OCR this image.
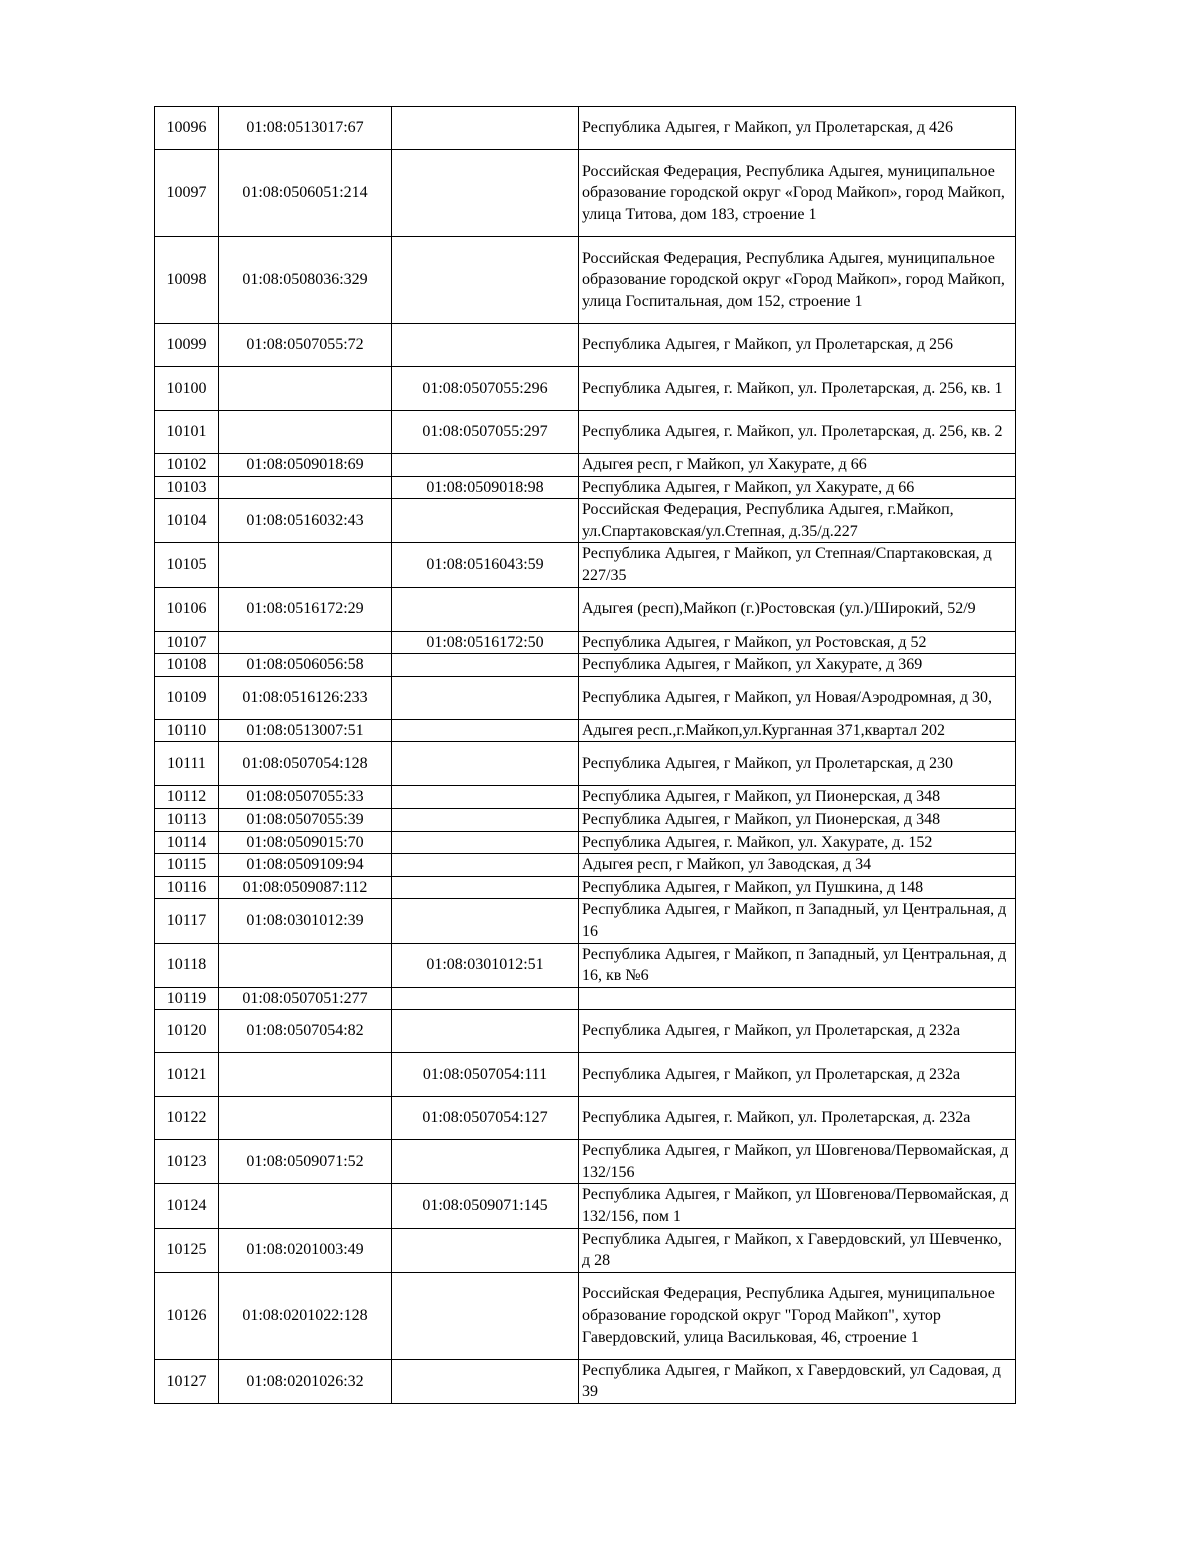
10096	01:08:0513017:67		Республика Адыгея, г Майкоп, ул Пролетарская, д 426
10097	01:08:0506051:214		Российская Федерация, Республика Адыгея, муниципальное образование городской округ «Город Майкоп», город Майкоп, улица Титова, дом 183, строение 1
10098	01:08:0508036:329		Российская Федерация, Республика Адыгея, муниципальное образование городской округ «Город Майкоп», город Майкоп, улица Госпитальная, дом 152, строение 1
10099	01:08:0507055:72		Республика Адыгея, г Майкоп, ул Пролетарская, д 256
10100		01:08:0507055:296	Республика Адыгея, г. Майкоп, ул. Пролетарская, д. 256, кв. 1
10101		01:08:0507055:297	Республика Адыгея, г. Майкоп, ул. Пролетарская, д. 256, кв. 2
10102	01:08:0509018:69		Адыгея респ, г Майкоп, ул Хакурате, д 66
10103		01:08:0509018:98	Республика Адыгея, г Майкоп, ул Хакурате, д 66
10104	01:08:0516032:43		Российская Федерация, Республика Адыгея, г.Майкоп, ул.Спартаковская/ул.Степная, д.35/д.227
10105		01:08:0516043:59	Республика Адыгея, г Майкоп, ул Степная/Спартаковская, д 227/35
10106	01:08:0516172:29		Адыгея (респ),Майкоп (г.)Ростовская (ул.)/Широкий, 52/9
10107		01:08:0516172:50	Республика Адыгея, г Майкоп, ул Ростовская, д 52
10108	01:08:0506056:58		Республика Адыгея, г Майкоп, ул Хакурате, д 369
10109	01:08:0516126:233		Республика Адыгея, г Майкоп, ул Новая/Аэродромная, д 30,
10110	01:08:0513007:51		Адыгея респ.,г.Майкоп,ул.Курганная 371,квартал 202
10111	01:08:0507054:128		Республика Адыгея, г Майкоп, ул Пролетарская, д 230
10112	01:08:0507055:33		Республика Адыгея, г Майкоп, ул Пионерская, д 348
10113	01:08:0507055:39		Республика Адыгея, г Майкоп, ул Пионерская, д 348
10114	01:08:0509015:70		Республика Адыгея, г. Майкоп, ул. Хакурате, д. 152
10115	01:08:0509109:94		Адыгея респ, г Майкоп, ул Заводская, д 34
10116	01:08:0509087:112		Республика Адыгея, г Майкоп, ул Пушкина, д 148
10117	01:08:0301012:39		Республика Адыгея, г Майкоп, п Западный, ул Центральная, д 16
10118		01:08:0301012:51	Республика Адыгея, г Майкоп, п Западный, ул Центральная, д 16, кв №6
10119	01:08:0507051:277		
10120	01:08:0507054:82		Республика Адыгея, г Майкоп, ул Пролетарская, д 232а
10121		01:08:0507054:111	Республика Адыгея, г Майкоп, ул Пролетарская, д 232а
10122		01:08:0507054:127	Республика Адыгея, г. Майкоп, ул. Пролетарская, д. 232а
10123	01:08:0509071:52		Республика Адыгея, г Майкоп, ул Шовгенова/Первомайская, д 132/156
10124		01:08:0509071:145	Республика Адыгея, г Майкоп, ул Шовгенова/Первомайская, д 132/156, пом 1
10125	01:08:0201003:49		Республика Адыгея, г Майкоп, х Гавердовский, ул Шевченко, д 28
10126	01:08:0201022:128		Российская Федерация, Республика Адыгея, муниципальное образование городской округ "Город Майкоп", хутор Гавердовский, улица Васильковая, 46, строение 1
10127	01:08:0201026:32		Республика Адыгея, г Майкоп, х Гавердовский, ул Садовая, д 39
